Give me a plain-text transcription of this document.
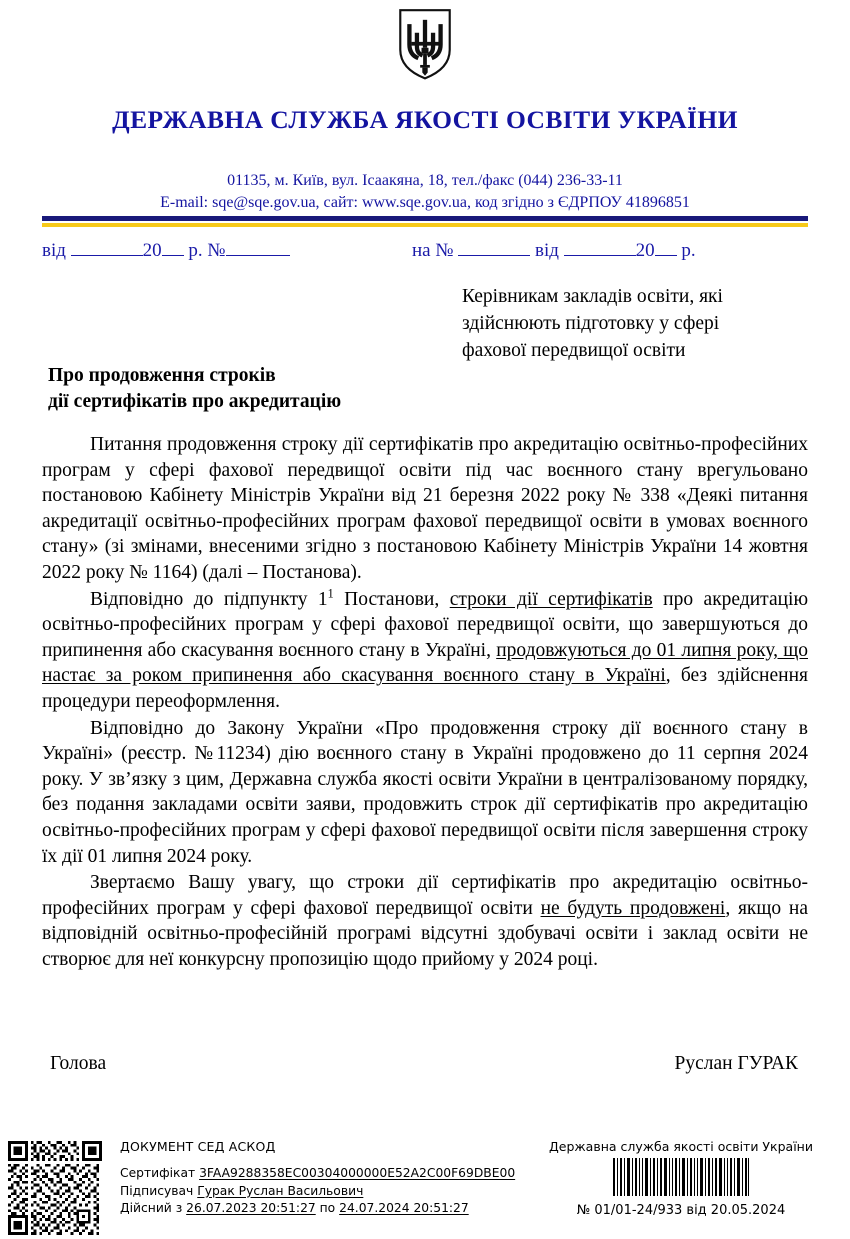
ДЕРЖАВНА СЛУЖБА ЯКОСТІ ОСВІТИ УКРАЇНИ
01135, м. Київ, вул. Ісаакяна, 18, тел./факс (044) 236-33-11
E-mail: sqe@sqe.gov.ua, сайт: www.sqe.gov.ua, код згідно з ЄДРПОУ 41896851
від	20 р. №	на №	від	20 р.
Керівникам закладів освіти, які
здійснюють підготовку у сфері
фахової передвищої освіти
Про продовження строків
дії сертифікатів про акредитацію

Питання продовження строку дії сертифікатів про акредитацію освітньо-професійних програм у сфері фахової передвищої освіти під час воєнного стану врегульовано постановою Кабінету Міністрів України від 21 березня 2022 року № 338 «Деякі питання акредитації освітньо-професійних програм фахової передвищої освіти в умовах воєнного стану» (зі змінами, внесеними згідно з постановою Кабінету Міністрів України 14 жовтня 2022 року № 1164) (далі – Постанова).

Відповідно до підпункту $1^1$ Постанови, строки дії сертифікатів про акредитацію освітньо-професійних програм у сфері фахової передвищої освіти, що завершуються до припинення або скасування воєнного стану в Україні, продовжуються до 01 липня року, що настає за роком припинення або скасування воєнного стану в Україні, без здійснення процедури переоформлення.

Відповідно до Закону України «Про продовження строку дії воєнного стану в Україні» (реєстр. №11234) дію воєнного стану в Україні продовжено до 11 серпня 2024 року. У зв’язку з цим, Державна служба якості освіти України в централізованому порядку, без подання закладами освіти заяви, продовжить строк дії сертифікатів про акредитацію освітньо-професійних програм у сфері фахової передвищої освіти після завершення строку їх дії 01 липня 2024 року.

Звертаємо Вашу увагу, що строки дії сертифікатів про акредитацію освітньо-професійних програм у сфері фахової передвищої освіти не будуть продовжені, якщо на відповідній освітньо-професійній програмі відсутні здобувачі освіти і заклад освіти не створює для неї конкурсну пропозицію щодо прийому у 2024 році.

Голова	Руслан ГУРАК
ДОКУМЕНТ СЕД АСКОД
Сертифікат 3FAA9288358EC00304000000E52A2C00F69DBE00
Підписувач Гурак Руслан Васильович
Дійсний з 26.07.2023 20:51:27 по 24.07.2024 20:51:27
Державна служба якості освіти України
№ 01/01-24/933 від 20.05.2024
